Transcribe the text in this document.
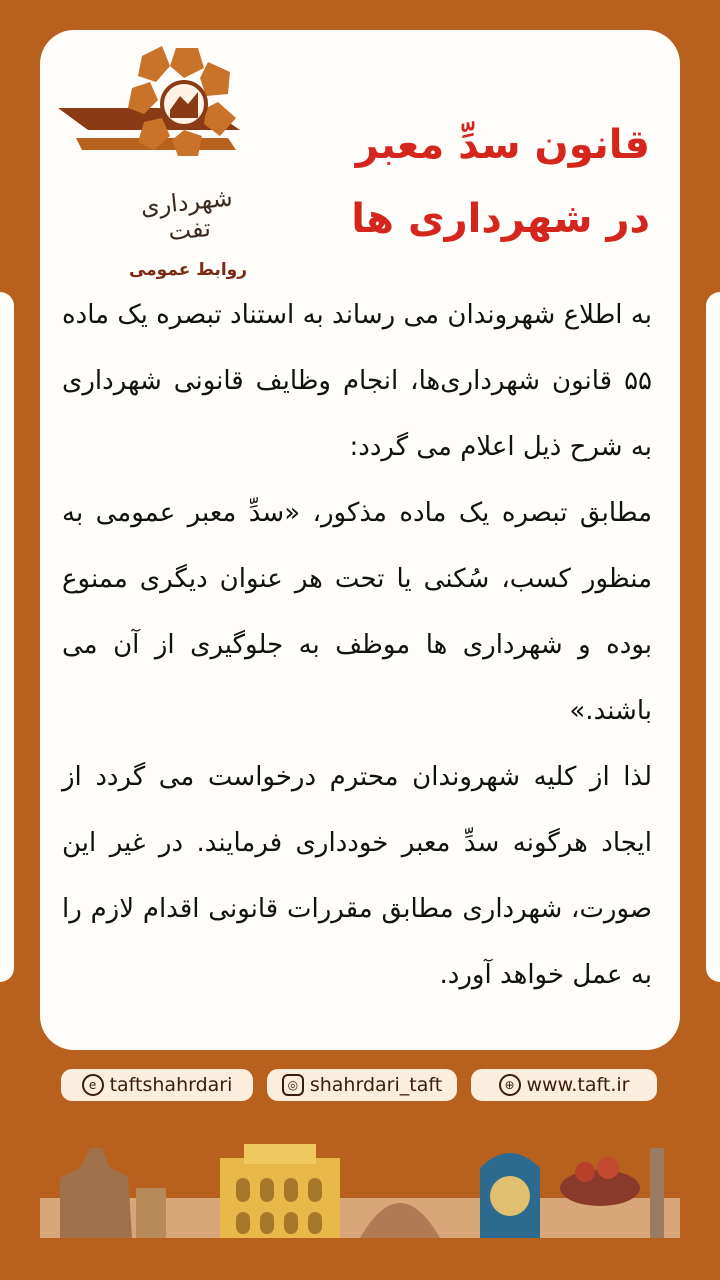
شهرداری تفت
روابط عمومی
قانون سدِّ معبر
در شهرداری ها
به اطلاع شهروندان می رساند به استناد تبصره یک ماده ۵۵ قانون شهرداری‌ها، انجام وظایف قانونی شهرداری به شرح ذیل اعلام می گردد:
مطابق تبصره یک ماده مذکور، «سدِّ معبر عمومی به منظور کسب، سُکنی یا تحت هر عنوان دیگری ممنوع بوده و شهرداری ها موظف به جلوگیری از آن می باشند.»
لذا از کلیه شهروندان محترم درخواست می گردد از ایجاد هرگونه سدِّ معبر خودداری فرمایند. در غیر این صورت، شهرداری مطابق مقررات قانونی اقدام لازم را به عمل خواهد آورد.
e taftshahrdari	◎ shahrdari_taft	⊕ www.taft.ir
